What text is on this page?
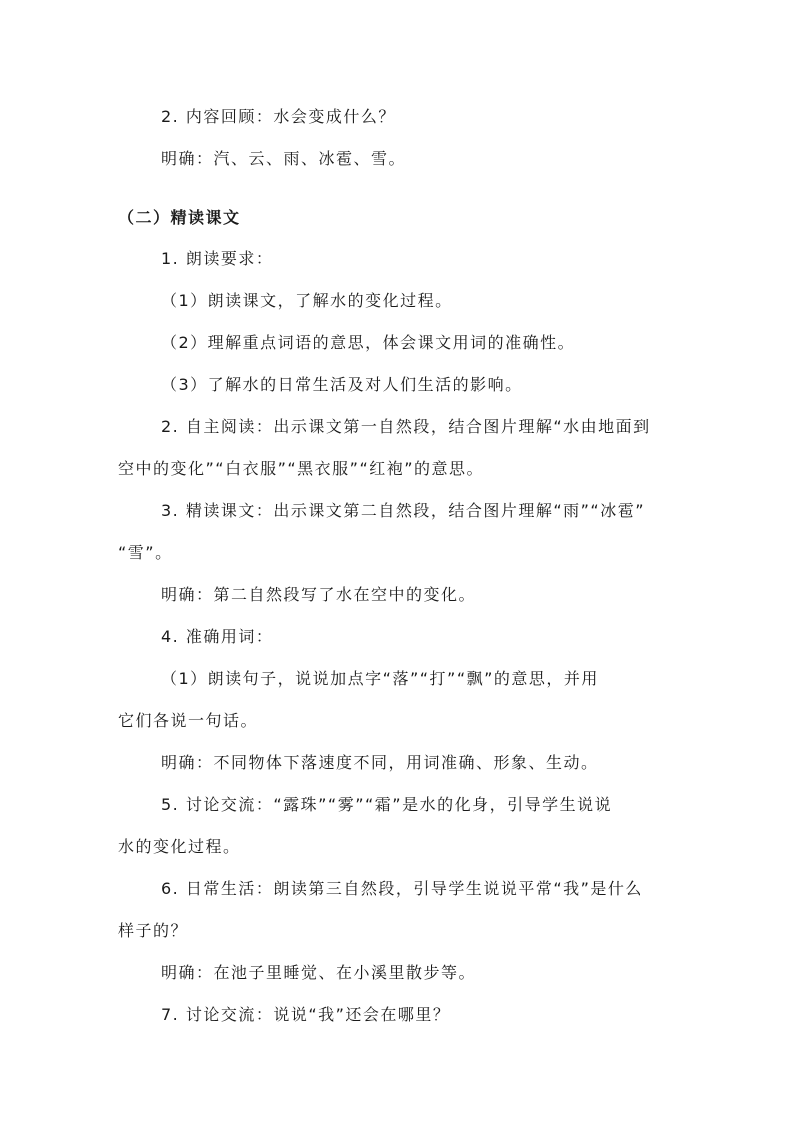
2. 内容回顾：水会变成什么？
明确：汽、云、雨、冰雹、雪。
（二）精读课文
1. 朗读要求：
（1）朗读课文，了解水的变化过程。
（2）理解重点词语的意思，体会课文用词的准确性。
（3）了解水的日常生活及对人们生活的影响。
2. 自主阅读：出示课文第一自然段，结合图片理解“水由地面到
空中的变化”“白衣服”“黑衣服”“红袍”的意思。
3. 精读课文：出示课文第二自然段，结合图片理解“雨”“冰雹”
“雪”。
明确：第二自然段写了水在空中的变化。
4. 准确用词：
（1）朗读句子，说说加点字“落”“打”“飘”的意思，并用
它们各说一句话。
明确：不同物体下落速度不同，用词准确、形象、生动。
5. 讨论交流：“露珠”“雾”“霜”是水的化身，引导学生说说
水的变化过程。
6. 日常生活：朗读第三自然段，引导学生说说平常“我”是什么
样子的？
明确：在池子里睡觉、在小溪里散步等。
7. 讨论交流：说说“我”还会在哪里？
